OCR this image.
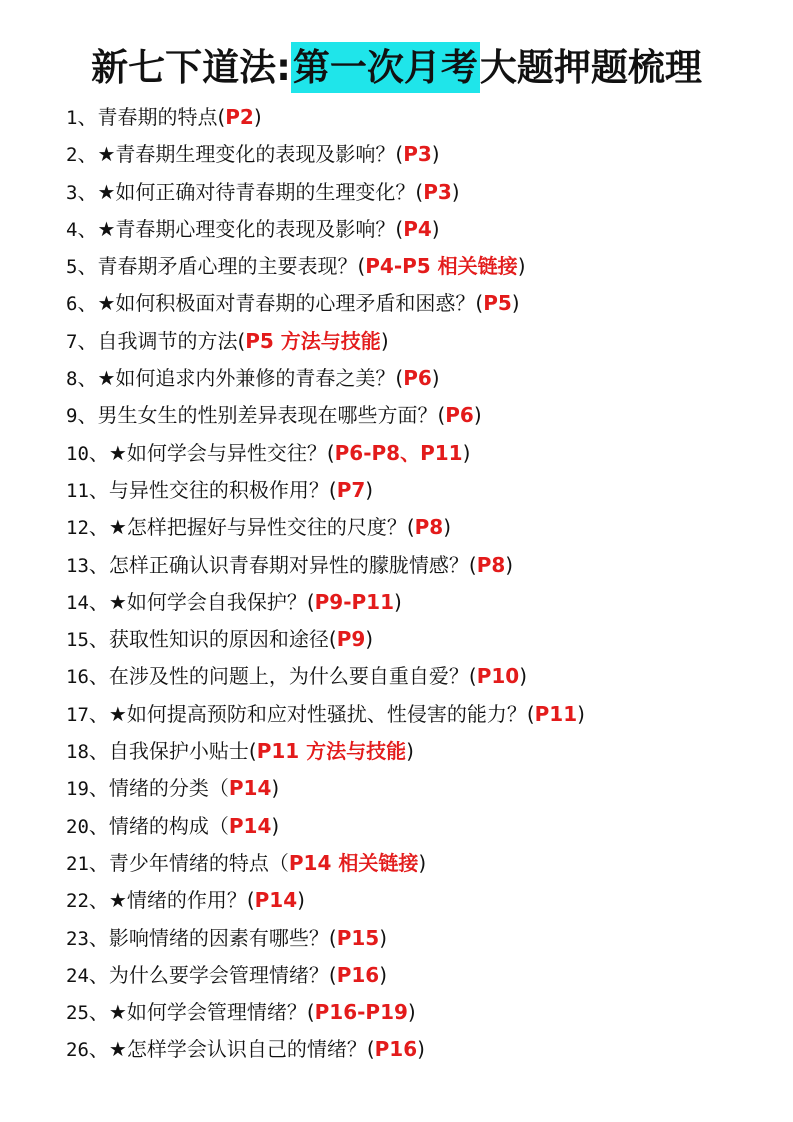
新七下道法:第一次月考大题押题梳理
1、青春期的特点(P2)
2、★青春期生理变化的表现及影响？(P3)
3、★如何正确对待青春期的生理变化？(P3)
4、★青春期心理变化的表现及影响？(P4)
5、青春期矛盾心理的主要表现？(P4-P5 相关链接)
6、★如何积极面对青春期的心理矛盾和困惑？(P5)
7、自我调节的方法(P5 方法与技能)
8、★如何追求内外兼修的青春之美？(P6)
9、男生女生的性别差异表现在哪些方面？(P6)
10、★如何学会与异性交往？(P6-P8、P11)
11、与异性交往的积极作用？(P7)
12、★怎样把握好与异性交往的尺度？(P8)
13、怎样正确认识青春期对异性的朦胧情感？(P8)
14、★如何学会自我保护？(P9-P11)
15、获取性知识的原因和途径(P9)
16、在涉及性的问题上，为什么要自重自爱？(P10)
17、★如何提高预防和应对性骚扰、性侵害的能力？(P11)
18、自我保护小贴士(P11 方法与技能)
19、情绪的分类（P14)
20、情绪的构成（P14)
21、青少年情绪的特点（P14 相关链接)
22、★情绪的作用？(P14)
23、影响情绪的因素有哪些？(P15)
24、为什么要学会管理情绪？(P16)
25、★如何学会管理情绪？(P16-P19)
26、★怎样学会认识自己的情绪？(P16)
